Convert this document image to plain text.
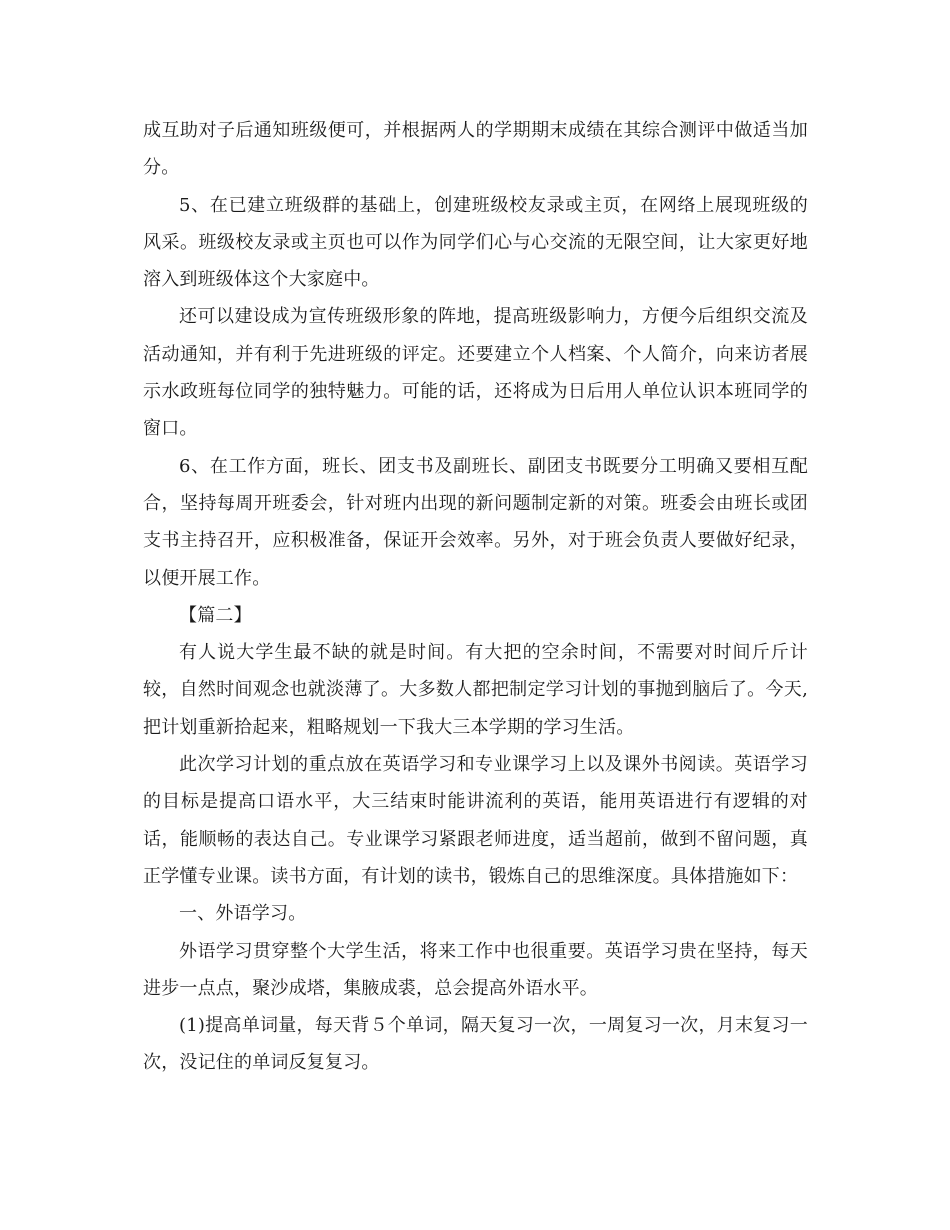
成互助对子后通知班级便可，并根据两人的学期期末成绩在其综合测评中做适当加分。

5、在已建立班级群的基础上，创建班级校友录或主页，在网络上展现班级的风采。班级校友录或主页也可以作为同学们心与心交流的无限空间，让大家更好地溶入到班级体这个大家庭中。

还可以建设成为宣传班级形象的阵地，提高班级影响力，方便今后组织交流及活动通知，并有利于先进班级的评定。还要建立个人档案、个人简介，向来访者展示水政班每位同学的独特魅力。可能的话，还将成为日后用人单位认识本班同学的窗口。

6、在工作方面，班长、团支书及副班长、副团支书既要分工明确又要相互配合，坚持每周开班委会，针对班内出现的新问题制定新的对策。班委会由班长或团支书主持召开，应积极准备，保证开会效率。另外，对于班会负责人要做好纪录，以便开展工作。

【篇二】

有人说大学生最不缺的就是时间。有大把的空余时间，不需要对时间斤斤计较，自然时间观念也就淡薄了。大多数人都把制定学习计划的事抛到脑后了。今天,把计划重新拾起来，粗略规划一下我大三本学期的学习生活。

此次学习计划的重点放在英语学习和专业课学习上以及课外书阅读。英语学习的目标是提高口语水平，大三结束时能讲流利的英语，能用英语进行有逻辑的对话，能顺畅的表达自己。专业课学习紧跟老师进度，适当超前，做到不留问题，真正学懂专业课。读书方面，有计划的读书，锻炼自己的思维深度。具体措施如下：

一、外语学习。

外语学习贯穿整个大学生活，将来工作中也很重要。英语学习贵在坚持，每天进步一点点，聚沙成塔，集腋成裘，总会提高外语水平。

(1)提高单词量，每天背５个单词，隔天复习一次，一周复习一次，月末复习一次，没记住的单词反复复习。
